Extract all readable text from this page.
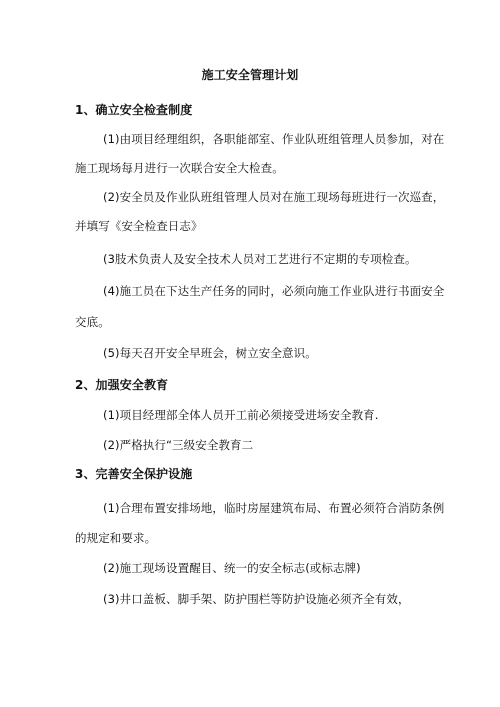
施工安全管理计划
1、确立安全检查制度
(1)由项目经理组织，各职能部室、作业队班组管理人员参加，对在
施工现场每月进行一次联合安全大检查。
(2)安全员及作业队班组管理人员对在施工现场每班进行一次巡查，
并填写《安全检查日志》
(3肢术负责人及安全技术人员对工艺进行不定期的专项检查。
(4)施工员在下达生产任务的同时，必须向施工作业队进行书面安全
交底。
(5)每天召开安全早班会，树立安全意识。
2、加强安全教育
(1)项目经理部全体人员开工前必须接受进场安全教育.
(2)严格执行“三级安全教育二
3、完善安全保护设施
(1)合理布置安排场地，临时房屋建筑布局、布置必须符合消防条例
的规定和要求。
(2)施工现场设置醒目、统一的安全标志(或标志牌)
(3)井口盖板、脚手架、防护围栏等防护设施必须齐全有效，
